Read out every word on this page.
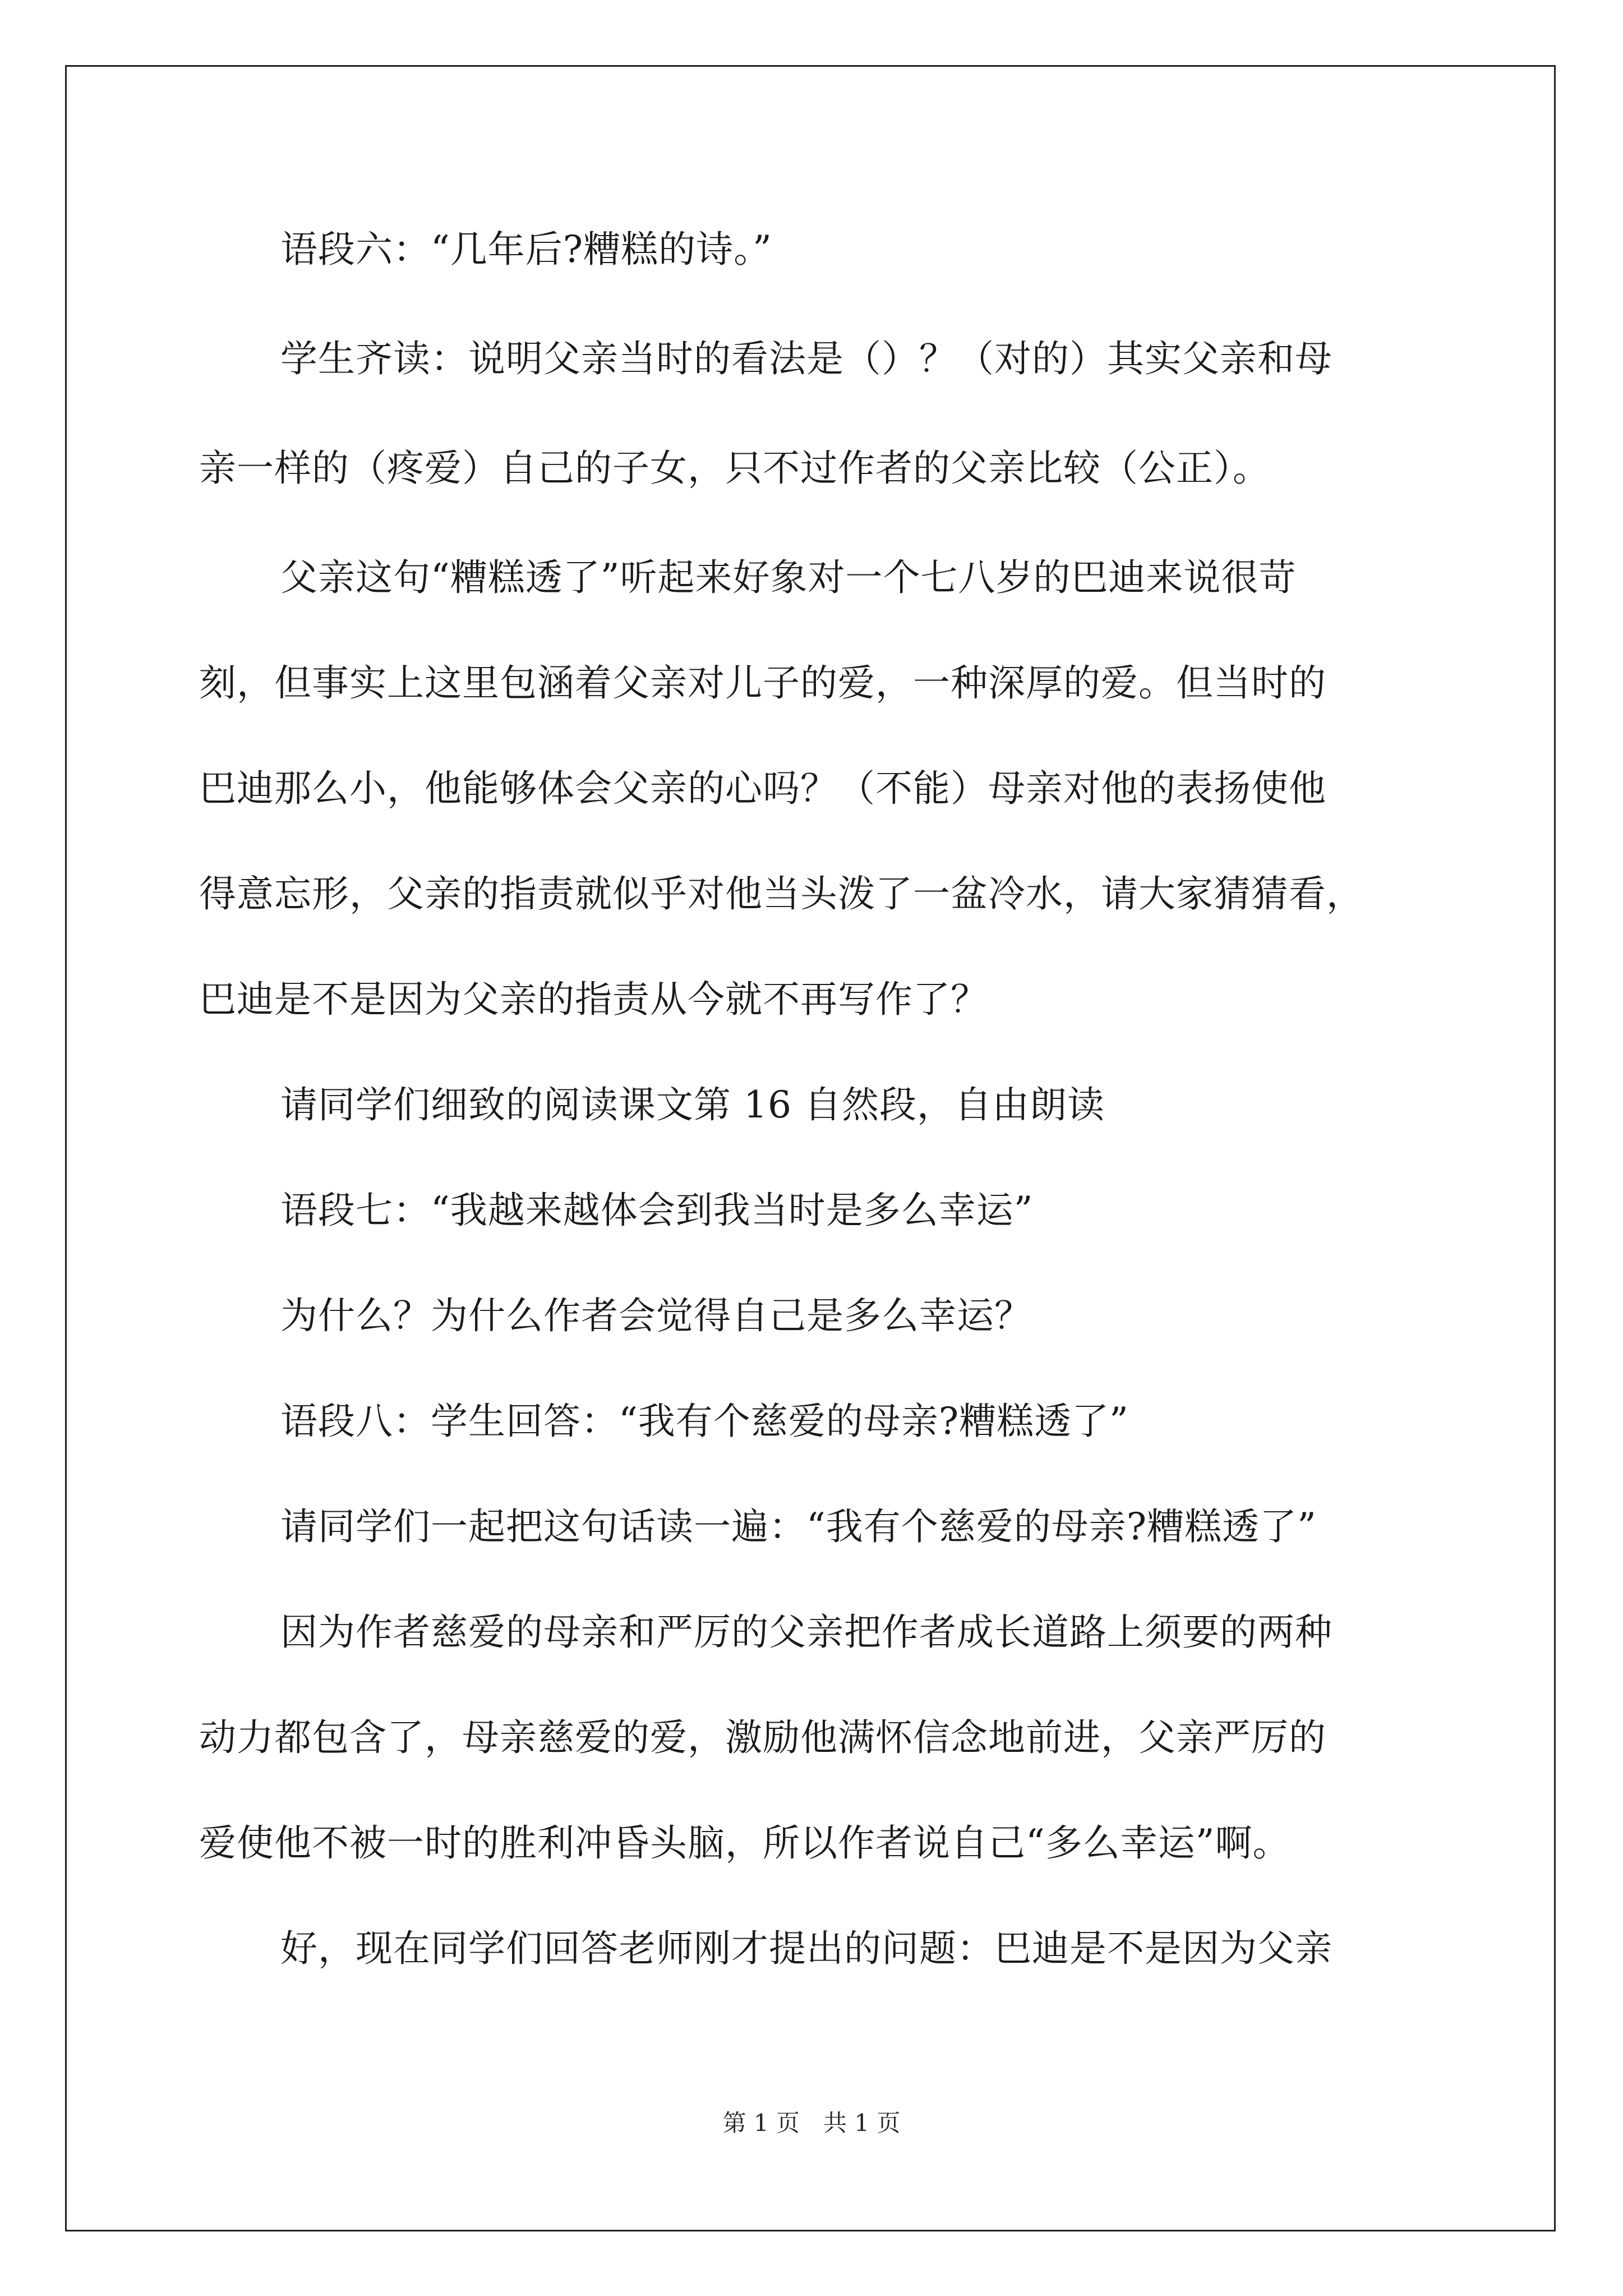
语段六：“几年后?糟糕的诗。”
学生齐读：说明父亲当时的看法是（）？（对的）其实父亲和母
亲一样的（疼爱）自己的子女，只不过作者的父亲比较（公正）。
父亲这句“糟糕透了”听起来好象对一个七八岁的巴迪来说很苛
刻，但事实上这里包涵着父亲对儿子的爱，一种深厚的爱。但当时的
巴迪那么小，他能够体会父亲的心吗？（不能）母亲对他的表扬使他
得意忘形，父亲的指责就似乎对他当头泼了一盆冷水，请大家猜猜看，
巴迪是不是因为父亲的指责从今就不再写作了？
请同学们细致的阅读课文第 16 自然段，自由朗读
语段七：“我越来越体会到我当时是多么幸运”
为什么？为什么作者会觉得自己是多么幸运？
语段八：学生回答：“我有个慈爱的母亲?糟糕透了”
请同学们一起把这句话读一遍：“我有个慈爱的母亲?糟糕透了”
因为作者慈爱的母亲和严厉的父亲把作者成长道路上须要的两种
动力都包含了，母亲慈爱的爱，激励他满怀信念地前进，父亲严厉的
爱使他不被一时的胜利冲昏头脑，所以作者说自己“多么幸运”啊。
好，现在同学们回答老师刚才提出的问题：巴迪是不是因为父亲
第 1 页　共 1 页
